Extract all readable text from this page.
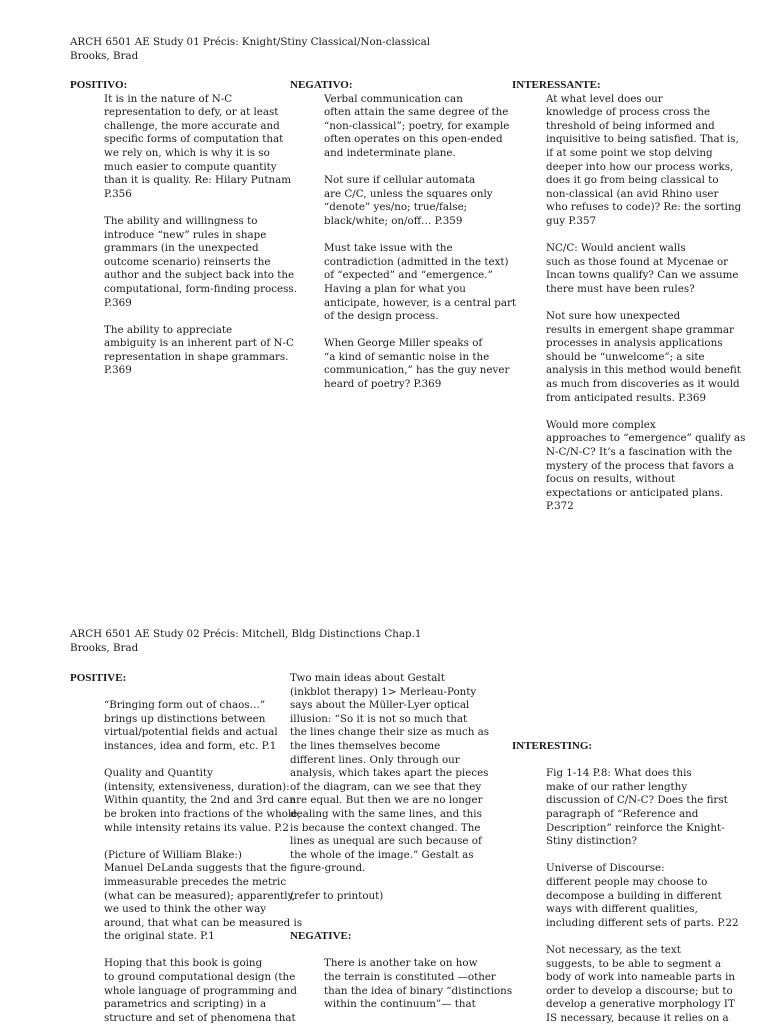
ARCH 6501 AE Study 01 Précis: Knight/Stiny Classical/Non-classical
Brooks, Brad
POSITIVO:
It is in the nature of N-C
representation to defy, or at least
challenge, the more accurate and
specific forms of computation that
we rely on, which is why it is so
much easier to compute quantity
than it is quality. Re: Hilary Putnam
P.356
The ability and willingness to
introduce “new” rules in shape
grammars (in the unexpected
outcome scenario) reinserts the
author and the subject back into the
computational, form-finding process.
P.369
The ability to appreciate
ambiguity is an inherent part of N-C
representation in shape grammars.
P.369
NEGATIVO:
Verbal communication can
often attain the same degree of the
“non-classical”; poetry, for example
often operates on this open-ended
and indeterminate plane.
Not sure if cellular automata
are C/C, unless the squares only
“denote” yes/no; true/false;
black/white; on/off… P.359
Must take issue with the
contradiction (admitted in the text)
of “expected” and “emergence.”
Having a plan for what you
anticipate, however, is a central part
of the design process.
When George Miller speaks of
“a kind of semantic noise in the
communication,” has the guy never
heard of poetry? P.369
INTERESSANTE:
At what level does our
knowledge of process cross the
threshold of being informed and
inquisitive to being satisfied. That is,
if at some point we stop delving
deeper into how our process works,
does it go from being classical to
non-classical (an avid Rhino user
who refuses to code)? Re: the sorting
guy P.357
NC/C: Would ancient walls
such as those found at Mycenae or
Incan towns qualify? Can we assume
there must have been rules?
Not sure how unexpected
results in emergent shape grammar
processes in analysis applications
should be “unwelcome”; a site
analysis in this method would benefit
as much from discoveries as it would
from anticipated results. P.369
Would more complex
approaches to “emergence” qualify as
N-C/N-C? It’s a fascination with the
mystery of the process that favors a
focus on results, without
expectations or anticipated plans.
P.372
ARCH 6501 AE Study 02 Précis: Mitchell, Bldg Distinctions Chap.1
Brooks, Brad
POSITIVE:
“Bringing form out of chaos…”
brings up distinctions between
virtual/potential fields and actual
instances, idea and form, etc. P.1
Quality and Quantity
(intensity, extensiveness, duration):
Within quantity, the 2nd and 3rd can
be broken into fractions of the whole,
while intensity retains its value. P.2
(Picture of William Blake:)
Manuel DeLanda suggests that the
immeasurable precedes the metric
(what can be measured); apparently,
we used to think the other way
around, that what can be measured is
the original state. P.1
Hoping that this book is going
to ground computational design (the
whole language of programming and
parametrics and scripting) in a
structure and set of phenomena that
Two main ideas about Gestalt
(inkblot therapy) 1> Merleau-Ponty
says about the Müller-Lyer optical
illusion: “So it is not so much that
the lines change their size as much as
the lines themselves become
different lines. Only through our
analysis, which takes apart the pieces
of the diagram, can we see that they
are equal. But then we are no longer
dealing with the same lines, and this
is because the context changed. The
lines as unequal are such because of
the whole of the image.” Gestalt as
figure-ground.
(refer to printout)
NEGATIVE:
There is another take on how
the terrain is constituted —other
than the idea of binary “distinctions
within the continuum”— that
INTERESTING:
Fig 1-14 P.8: What does this
make of our rather lengthy
discussion of C/N-C? Does the first
paragraph of “Reference and
Description” reinforce the Knight-
Stiny distinction?
Universe of Discourse:
different people may choose to
decompose a building in different
ways with different qualities,
including different sets of parts. P.22
Not necessary, as the text
suggests, to be able to segment a
body of work into nameable parts in
order to develop a discourse; but to
develop a generative morphology IT
IS necessary, because it relies on a
